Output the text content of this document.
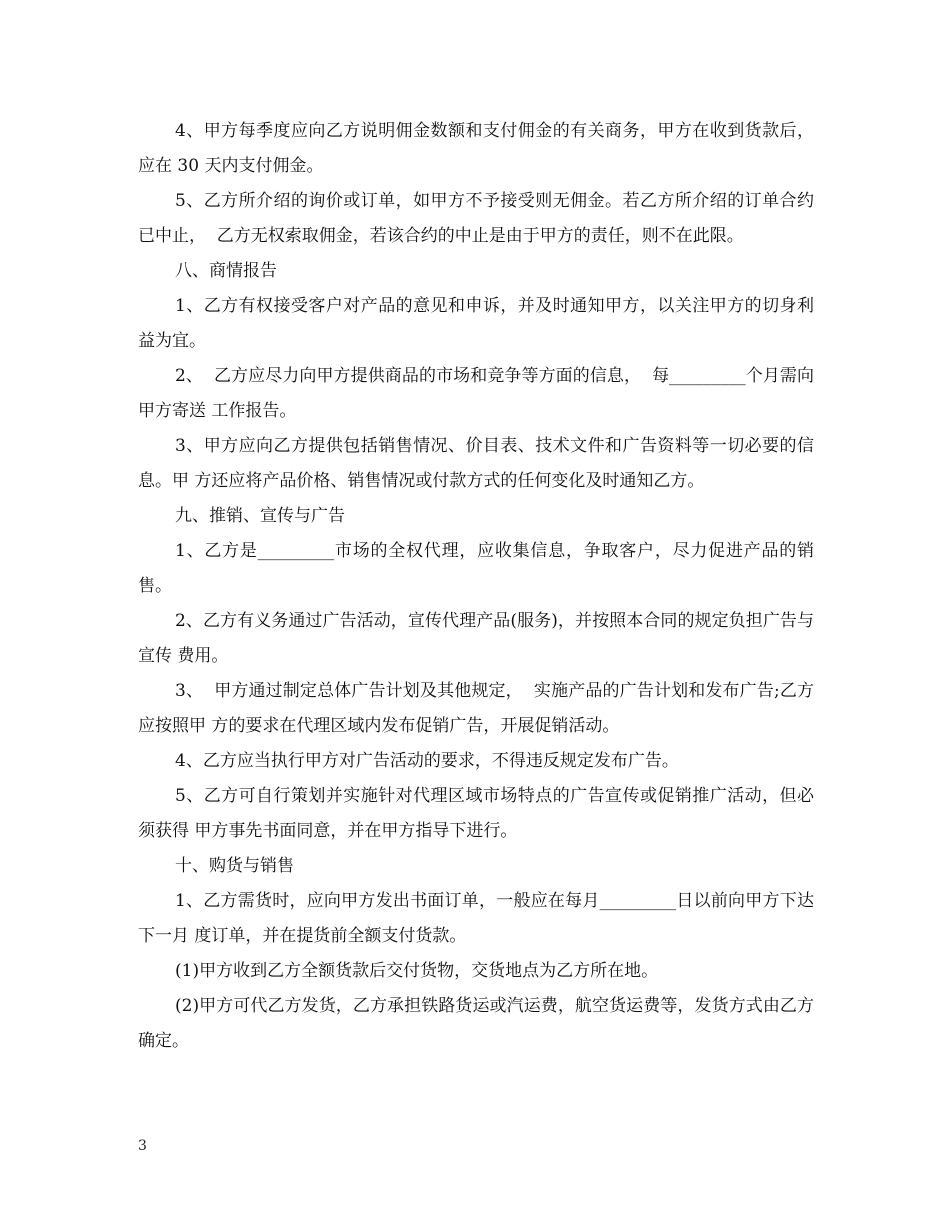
4、甲方每季度应向乙方说明佣金数额和支付佣金的有关商务，甲方在收到货款后，应在 30 天内支付佣金。

5、乙方所介绍的询价或订单，如甲方不予接受则无佣金。若乙方所介绍的订单合约已中止，  乙方无权索取佣金，若该合约的中止是由于甲方的责任，则不在此限。

八、商情报告

1、乙方有权接受客户对产品的意见和申诉，并及时通知甲方，以关注甲方的切身利益为宜。

2、  乙方应尽力向甲方提供商品的市场和竞争等方面的信息，  每_________个月需向甲方寄送 工作报告。

3、甲方应向乙方提供包括销售情况、价目表、技术文件和广告资料等一切必要的信息。甲 方还应将产品价格、销售情况或付款方式的任何变化及时通知乙方。

九、推销、宣传与广告

1、乙方是_________市场的全权代理，应收集信息，争取客户，尽力促进产品的销售。

2、乙方有义务通过广告活动，宣传代理产品(服务)，并按照本合同的规定负担广告与宣传 费用。

3、  甲方通过制定总体广告计划及其他规定，  实施产品的广告计划和发布广告;乙方应按照甲 方的要求在代理区域内发布促销广告，开展促销活动。

4、乙方应当执行甲方对广告活动的要求，不得违反规定发布广告。

5、乙方可自行策划并实施针对代理区域市场特点的广告宣传或促销推广活动，但必须获得 甲方事先书面同意，并在甲方指导下进行。

十、购货与销售

1、乙方需货时，应向甲方发出书面订单，一般应在每月_________日以前向甲方下达下一月 度订单，并在提货前全额支付货款。

(1)甲方收到乙方全额货款后交付货物，交货地点为乙方所在地。

(2)甲方可代乙方发货，乙方承担铁路货运或汽运费，航空货运费等，发货方式由乙方确定。

3
